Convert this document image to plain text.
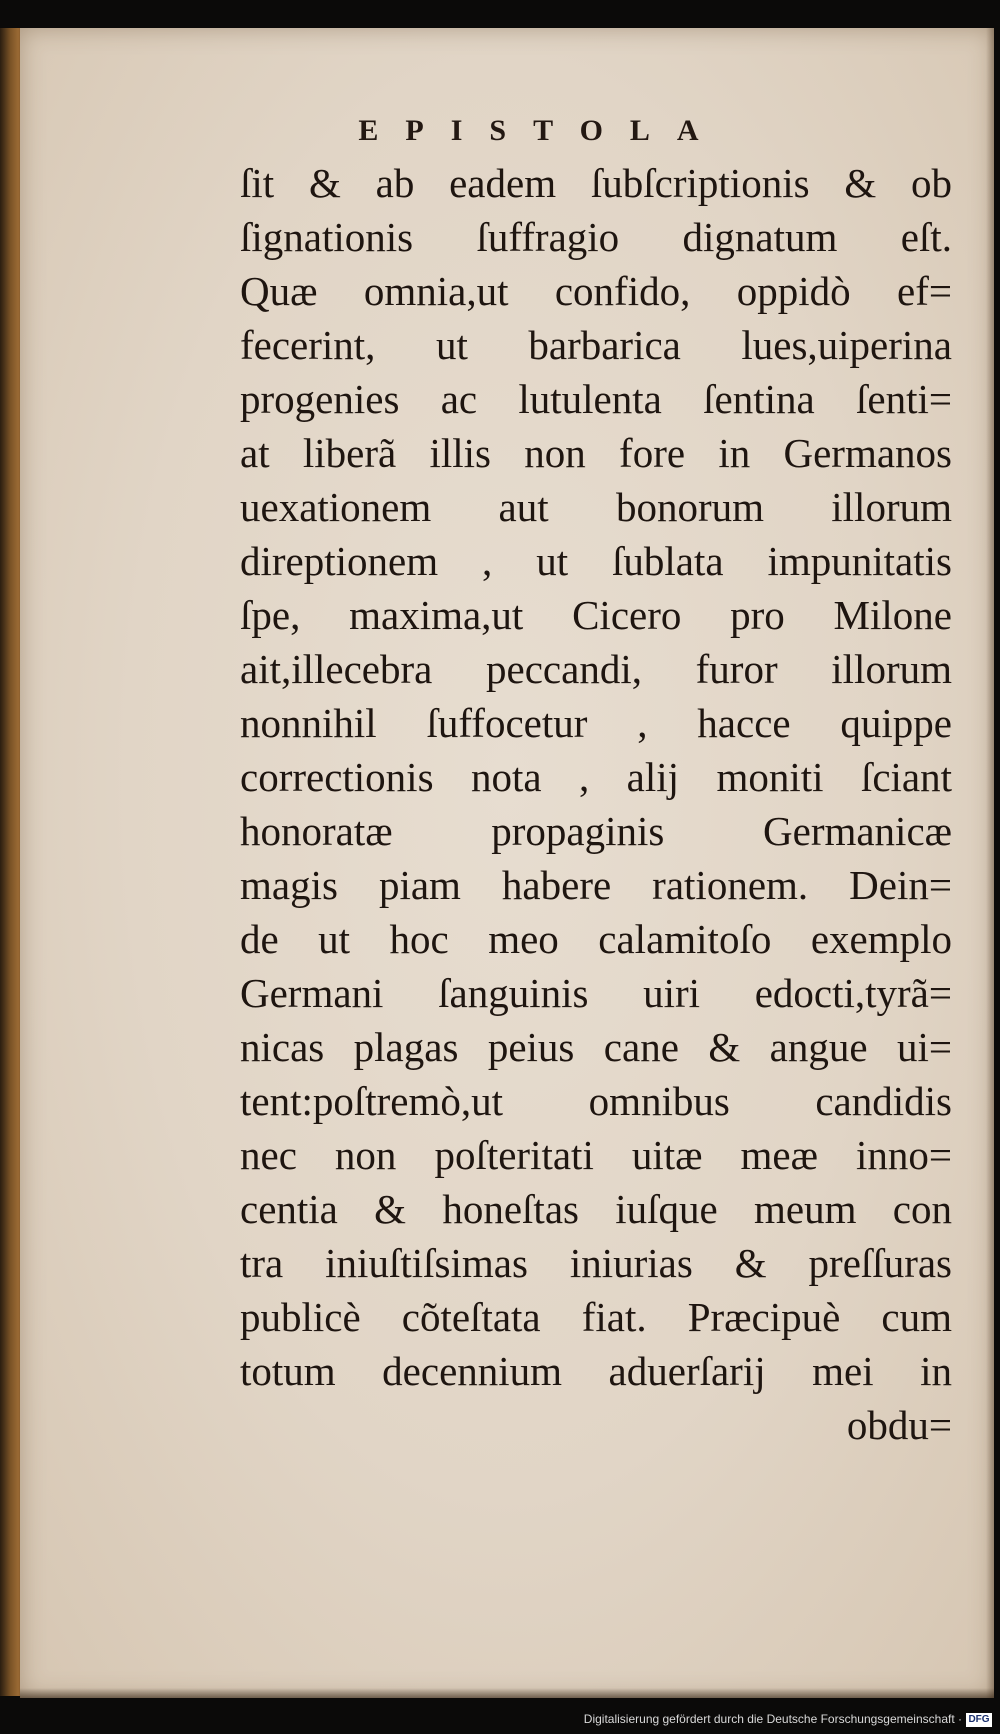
EPISTOLA
ſit & ab eadem ſubſcriptionis & ob
ſignationis ſuffragio dignatum eſt.
Quæ omnia,ut confido, oppidò ef=
fecerint, ut barbarica lues,uiperina
progenies ac lutulenta ſentina ſenti=
at liberã illis non fore in Germanos
uexationem aut bonorum illorum
direptionem , ut ſublata impunitatis
ſpe, maxima,ut Cicero pro Milone
ait,illecebra peccandi, furor illorum
nonnihil ſuffocetur , hacce quippe
correctionis nota , alij moniti ſciant
honoratæ propaginis Germanicæ
magis piam habere rationem. Dein=
de ut hoc meo calamitoſo exemplo
Germani ſanguinis uiri edocti,tyrã=
nicas plagas peius cane & angue ui=
tent:poſtremò,ut omnibus candidis
nec non poſteritati uitæ meæ inno=
centia & honeſtas iuſque meum con
tra iniuſtiſsimas iniurias & preſſuras
publicè cõteſtata fiat. Præcipuè cum
totum decennium aduerſarij mei in
obdu=
Digitalisierung gefördert durch die Deutsche Forschungsgemeinschaft · DFG
